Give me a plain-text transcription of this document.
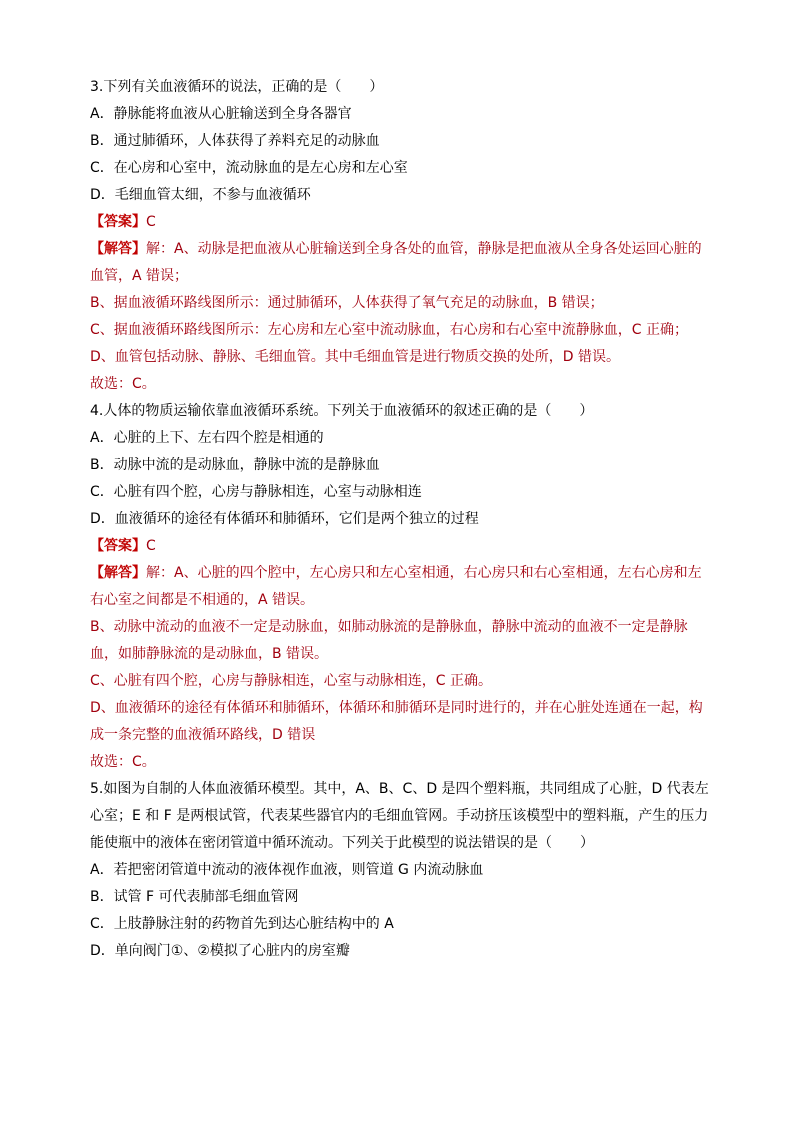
3.下列有关血液循环的说法，正确的是（　　）
A．静脉能将血液从心脏输送到全身各器官
B．通过肺循环，人体获得了养料充足的动脉血
C．在心房和心室中，流动脉血的是左心房和左心室
D．毛细血管太细，不参与血液循环
【答案】C
【解答】解：A、动脉是把血液从心脏输送到全身各处的血管，静脉是把血液从全身各处运回心脏的血管，A 错误；
B、据血液循环路线图所示：通过肺循环，人体获得了氧气充足的动脉血，B 错误；
C、据血液循环路线图所示：左心房和左心室中流动脉血，右心房和右心室中流静脉血，C 正确；
D、血管包括动脉、静脉、毛细血管。其中毛细血管是进行物质交换的处所，D 错误。
故选：C。
4.人体的物质运输依靠血液循环系统。下列关于血液循环的叙述正确的是（　　）
A．心脏的上下、左右四个腔是相通的
B．动脉中流的是动脉血，静脉中流的是静脉血
C．心脏有四个腔，心房与静脉相连，心室与动脉相连
D．血液循环的途径有体循环和肺循环，它们是两个独立的过程
【答案】C
【解答】解：A、心脏的四个腔中，左心房只和左心室相通，右心房只和右心室相通，左右心房和左右心室之间都是不相通的，A 错误。
B、动脉中流动的血液不一定是动脉血，如肺动脉流的是静脉血，静脉中流动的血液不一定是静脉血，如肺静脉流的是动脉血，B 错误。
C、心脏有四个腔，心房与静脉相连，心室与动脉相连，C 正确。
D、血液循环的途径有体循环和肺循环，体循环和肺循环是同时进行的，并在心脏处连通在一起，构成一条完整的血液循环路线，D 错误
故选：C。
5.如图为自制的人体血液循环模型。其中，A、B、C、D 是四个塑料瓶，共同组成了心脏，D 代表左心室；E 和 F 是两根试管，代表某些器官内的毛细血管网。手动挤压该模型中的塑料瓶，产生的压力能使瓶中的液体在密闭管道中循环流动。下列关于此模型的说法错误的是（　　）
A．若把密闭管道中流动的液体视作血液，则管道 G 内流动脉血
B．试管 F 可代表肺部毛细血管网
C．上肢静脉注射的药物首先到达心脏结构中的 A
D．单向阀门①、②模拟了心脏内的房室瓣
